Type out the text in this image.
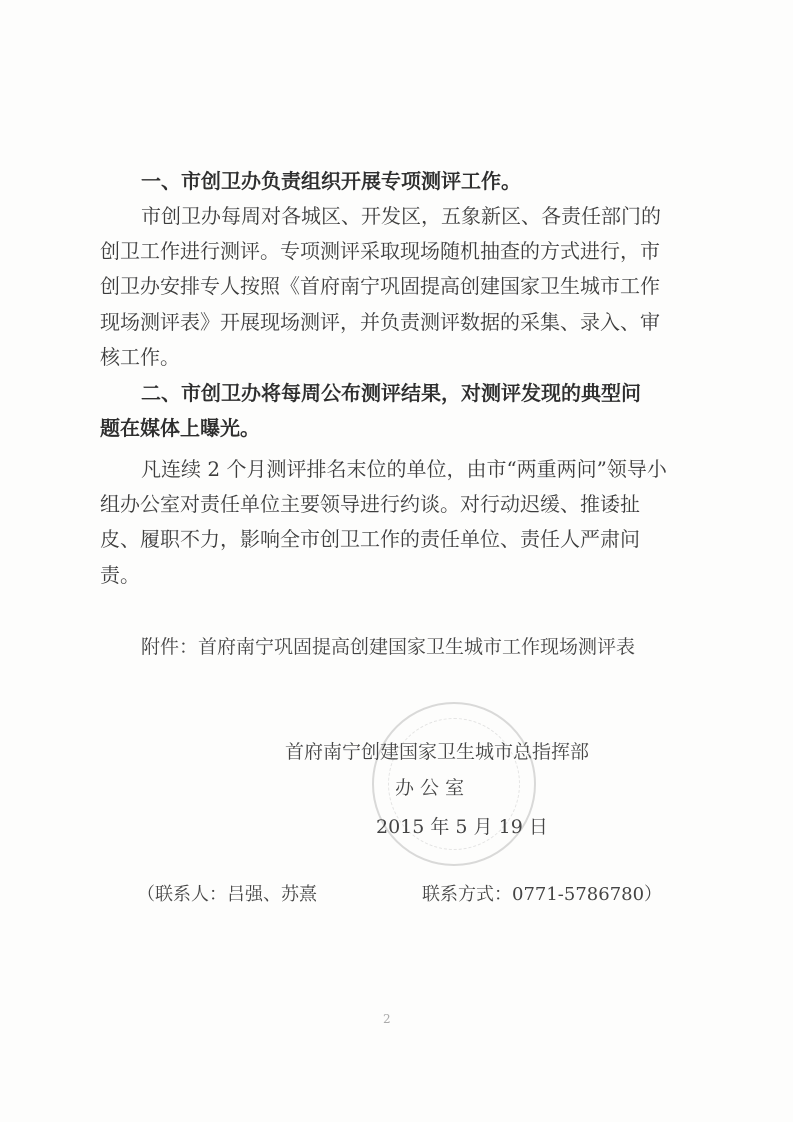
一、市创卫办负责组织开展专项测评工作。
市创卫办每周对各城区、开发区，五象新区、各责任部门的
创卫工作进行测评。专项测评采取现场随机抽查的方式进行，市
创卫办安排专人按照《首府南宁巩固提高创建国家卫生城市工作
现场测评表》开展现场测评，并负责测评数据的采集、录入、审
核工作。
二、市创卫办将每周公布测评结果，对测评发现的典型问
题在媒体上曝光。
凡连续 2 个月测评排名末位的单位，由市“两重两问”领导小
组办公室对责任单位主要领导进行约谈。对行动迟缓、推诿扯
皮、履职不力，影响全市创卫工作的责任单位、责任人严肃问
责。
附件：首府南宁巩固提高创建国家卫生城市工作现场测评表
首府南宁创建国家卫生城市总指挥部
办 公 室
2015 年 5 月 19 日
（联系人：吕强、苏熹	联系方式：0771-5786780）
2
